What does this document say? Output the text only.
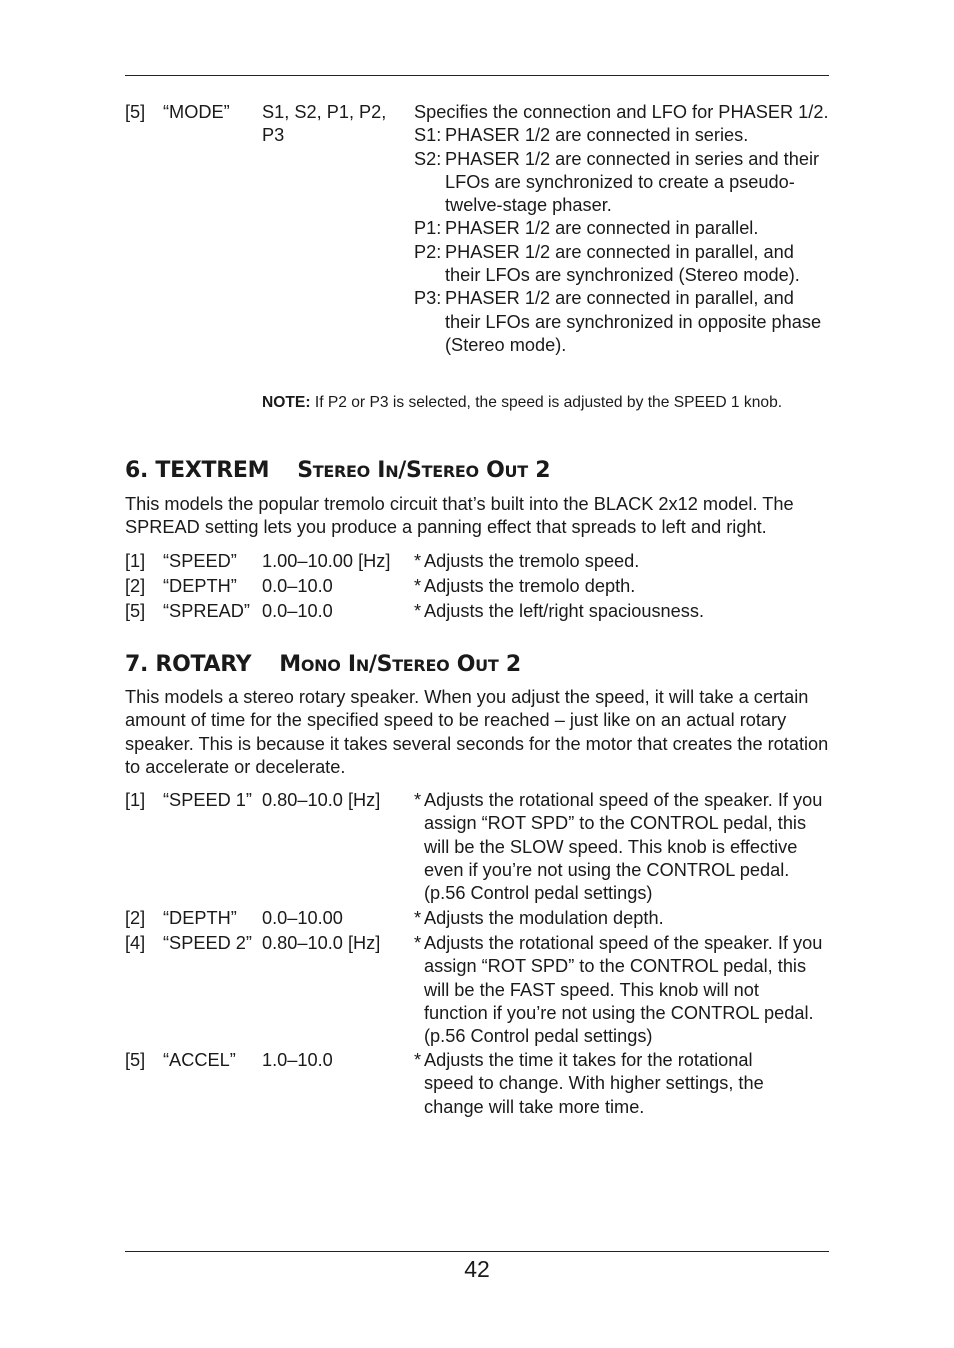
[5] “MODE” S1, S2, P1, P2, P3
Specifies the connection and LFO for PHASER 1/2.
S1: PHASER 1/2 are connected in series.
S2: PHASER 1/2 are connected in series and their LFOs are synchronized to create a pseudo-twelve-stage phaser.
P1: PHASER 1/2 are connected in parallel.
P2: PHASER 1/2 are connected in parallel, and their LFOs are synchronized (Stereo mode).
P3: PHASER 1/2 are connected in parallel, and their LFOs are synchronized in opposite phase (Stereo mode).
NOTE: If P2 or P3 is selected, the speed is adjusted by the SPEED 1 knob.
6. TEXTREM STEREO IN/STEREO OUT 2
This models the popular tremolo circuit that’s built into the BLACK 2x12 model. The SPREAD setting lets you produce a panning effect that spreads to left and right.
[1] “SPEED” 1.00–10.00 [Hz]	* Adjusts the tremolo speed.
[2] “DEPTH” 0.0–10.0	* Adjusts the tremolo depth.
[5] “SPREAD” 0.0–10.0	* Adjusts the left/right spaciousness.
7. ROTARY MONO IN/STEREO OUT 2
This models a stereo rotary speaker. When you adjust the speed, it will take a certain amount of time for the specified speed to be reached – just like on an actual rotary speaker. This is because it takes several seconds for the motor that creates the rotation to accelerate or decelerate.
[1] “SPEED 1” 0.80–10.0 [Hz]	* Adjusts the rotational speed of the speaker. If you assign “ROT SPD” to the CONTROL pedal, this will be the SLOW speed. This knob is effective even if you’re not using the CONTROL pedal. (p.56 Control pedal settings)
[2] “DEPTH” 0.0–10.00	* Adjusts the modulation depth.
[4] “SPEED 2” 0.80–10.0 [Hz]	* Adjusts the rotational speed of the speaker. If you assign “ROT SPD” to the CONTROL pedal, this will be the FAST speed. This knob will not function if you’re not using the CONTROL pedal. (p.56 Control pedal settings)
[5] “ACCEL” 1.0–10.0	* Adjusts the time it takes for the rotational speed to change. With higher settings, the change will take more time.
42
